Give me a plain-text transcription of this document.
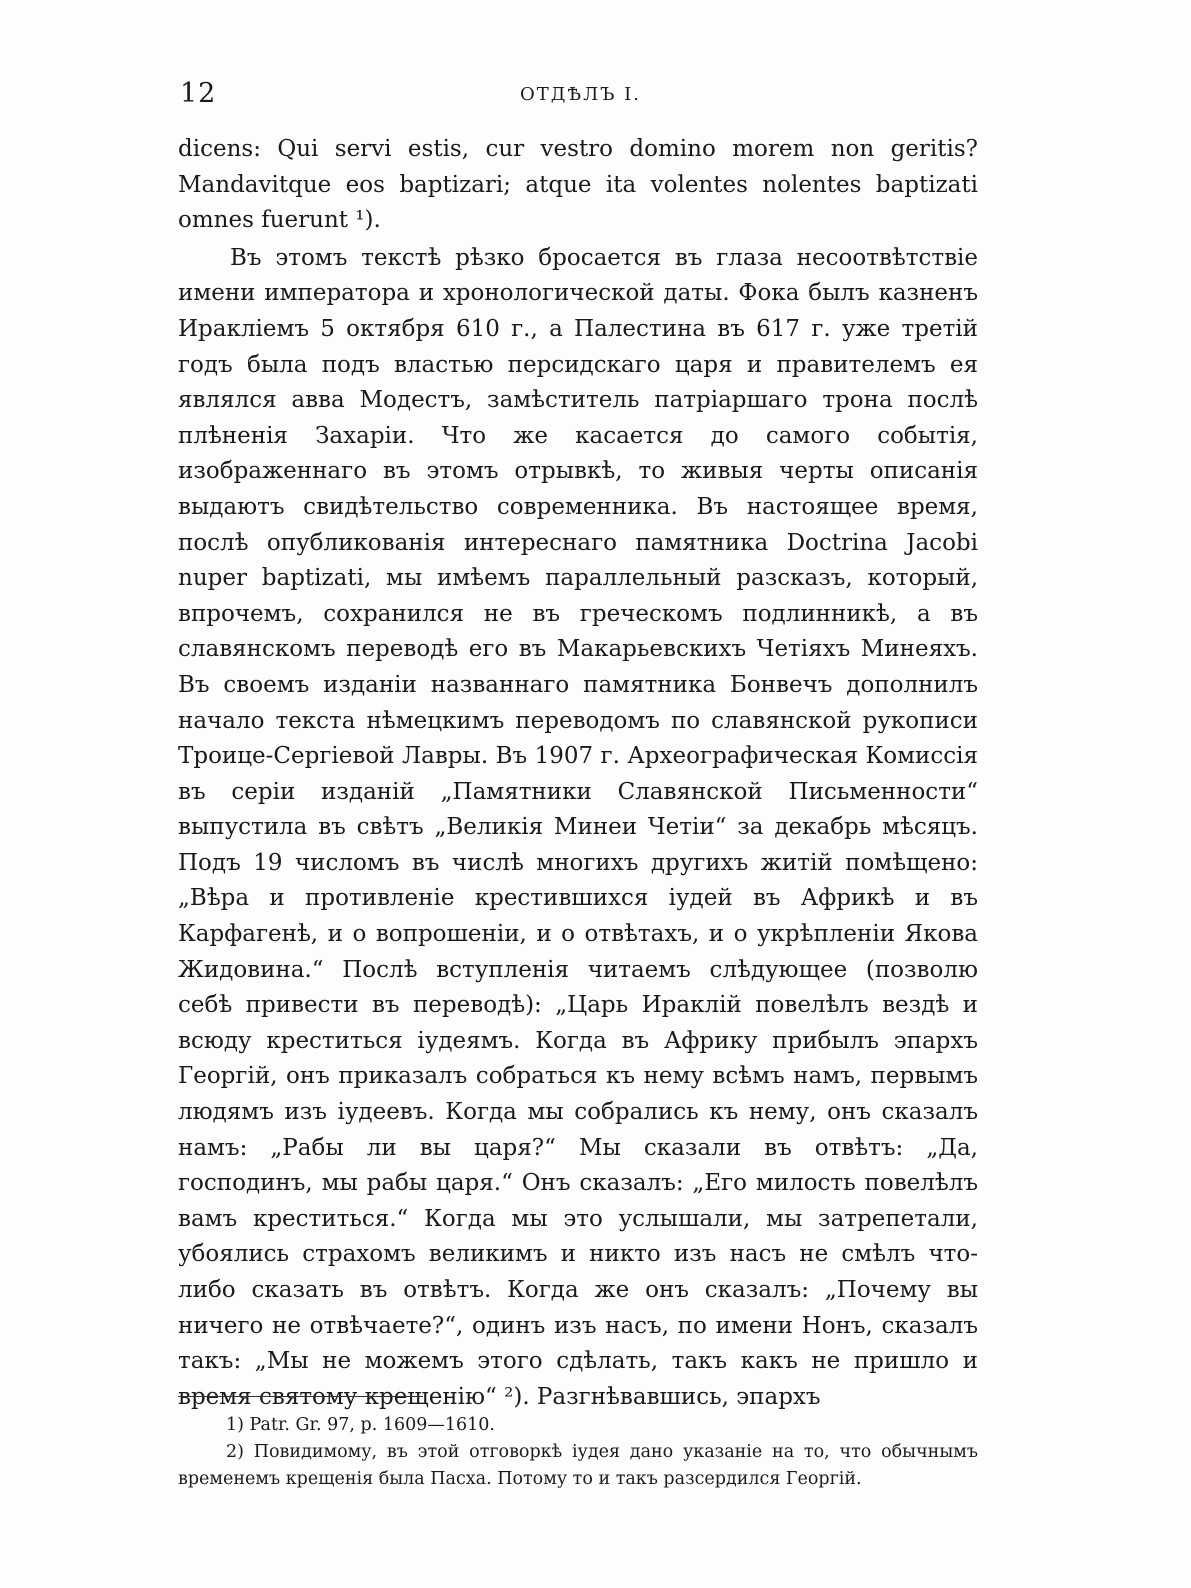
12	ОТДѢЛЪ I.

dicens: Qui servi estis, cur vestro domino morem non geritis? Mandavitque eos baptizari; atque ita volentes nolentes baptizati omnes fuerunt ¹).

Въ этомъ текстѣ рѣзко бросается въ глаза несоотвѣтствіе имени императора и хронологической даты. Фока былъ казненъ Иракліемъ 5 октября 610 г., а Палестина въ 617 г. уже третій годъ была подъ властью персидскаго царя и правителемъ ея являлся авва Модестъ, замѣститель патріаршаго трона послѣ плѣненія Захаріи. Что же касается до самого событія, изображеннаго въ этомъ отрывкѣ, то живыя черты описанія выдаютъ свидѣтельство современника. Въ настоящее время, послѣ опубликованія интереснаго памятника Doctrina Jacobi nuper baptizati, мы имѣемъ параллельный разсказъ, который, впрочемъ, сохранился не въ греческомъ подлинникѣ, а въ славянскомъ переводѣ его въ Макарьевскихъ Четіяхъ Минеяхъ. Въ своемъ изданіи названнаго памятника Бонвечъ дополнилъ начало текста нѣмецкимъ переводомъ по славянской рукописи Троице-Сергіевой Лавры. Въ 1907 г. Археографическая Комиссія въ серіи изданій „Памятники Славянской Письменности“ выпустила въ свѣтъ „Великія Минеи Четіи“ за декабрь мѣсяцъ. Подъ 19 числомъ въ числѣ многихъ другихъ житій помѣщено: „Вѣра и противленіе крестившихся іудей въ Африкѣ и въ Карфагенѣ, и о вопрошеніи, и о отвѣтахъ, и о укрѣпленіи Якова Жидовина.“ Послѣ вступленія читаемъ слѣдующее (позволю себѣ привести въ переводѣ): „Царь Ираклій повелѣлъ вездѣ и всюду креститься іудеямъ. Когда въ Африку прибылъ эпархъ Георгій, онъ приказалъ собраться къ нему всѣмъ намъ, первымъ людямъ изъ іудеевъ. Когда мы собрались къ нему, онъ сказалъ намъ: „Рабы ли вы царя?“ Мы сказали въ отвѣтъ: „Да, господинъ, мы рабы царя.“ Онъ сказалъ: „Его милость повелѣлъ вамъ креститься.“ Когда мы это услышали, мы затрепетали, убоялись страхомъ великимъ и никто изъ насъ не смѣлъ что-либо сказать въ отвѣтъ. Когда же онъ сказалъ: „Почему вы ничего не отвѣчаете?“, одинъ изъ насъ, по имени Нонъ, сказалъ такъ: „Мы не можемъ этого сдѣлать, такъ какъ не пришло и время святому крещенію“ ²). Разгнѣвавшись, эпархъ

1) Patr. Gr. 97, p. 1609—1610.

2) Повидимому, въ этой отговоркѣ іудея дано указаніе на то, что обычнымъ временемъ крещенія была Пасха. Потому то и такъ разсердился Георгій.
